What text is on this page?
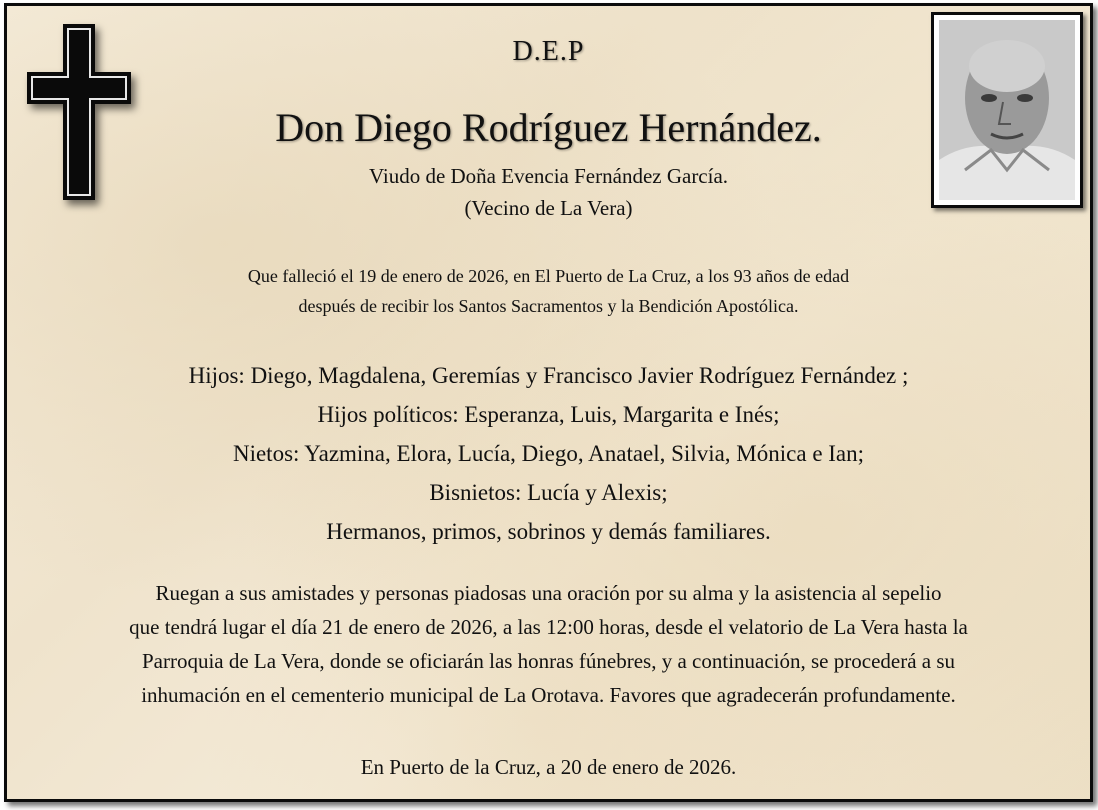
D.E.P
Don Diego Rodríguez Hernández.
Viudo de Doña Evencia Fernández García.
(Vecino de La Vera)
Que falleció el 19 de enero de 2026, en El Puerto de La Cruz, a los 93 años de edad
después de recibir los Santos Sacramentos y la Bendición Apostólica.
Hijos: Diego, Magdalena, Geremías y Francisco Javier Rodríguez Fernández ;
Hijos políticos: Esperanza, Luis, Margarita e Inés;
Nietos: Yazmina, Elora, Lucía, Diego, Anatael, Silvia, Mónica e Ian;
Bisnietos: Lucía y Alexis;
Hermanos, primos, sobrinos y demás familiares.
Ruegan a sus amistades y personas piadosas una oración por su alma y la asistencia al sepelio
que tendrá lugar el día 21 de enero de 2026, a las 12:00 horas, desde el velatorio de La Vera hasta la
Parroquia de La Vera, donde se oficiarán las honras fúnebres, y a continuación, se procederá a su
inhumación en el cementerio municipal de La Orotava. Favores que agradecerán profundamente.
En Puerto de la Cruz, a 20 de enero de 2026.
